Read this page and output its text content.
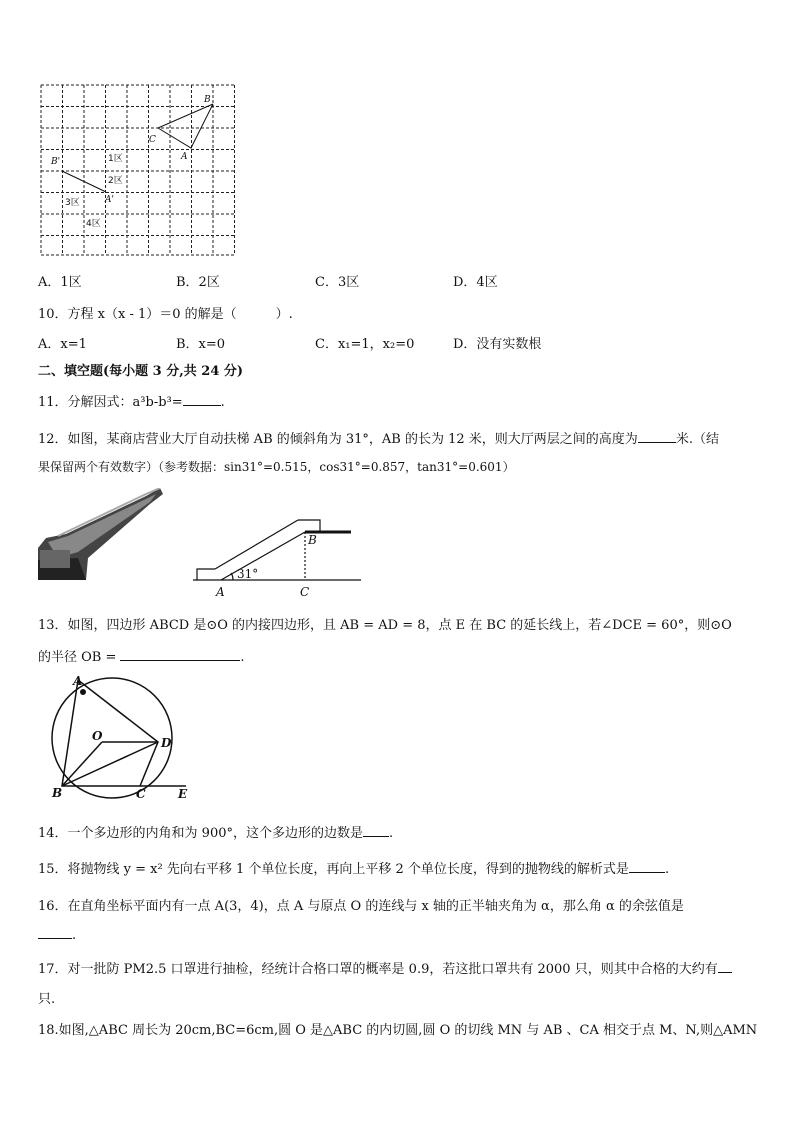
B
C
A
B'
A'
1区
2区
3区
4区
A．1区	B．2区	C．3区	D．4区
10．方程 x（x - 1）＝0 的解是（　　　）.
A．x=1	B．x=0	C．x₁=1，x₂=0	D．没有实数根
二、填空题(每小题 3 分,共 24 分)
11．分解因式：a³b-b³=	.
12．如图，某商店营业大厅自动扶梯 AB 的倾斜角为 31°，AB 的长为 12 米，则大厅两层之间的高度为	米.（结
果保留两个有效数字）（参考数据：sin31°=0.515，cos31°=0.857，tan31°=0.601）
31°
A
B
C
13．如图，四边形 ABCD 是⊙O 的内接四边形，且 AB = AD = 8，点 E 在 BC 的延长线上，若∠DCE = 60°，则⊙O
的半径 OB =	.
A
O	D
B	C	E
14．一个多边形的内角和为 900°，这个多边形的边数是 .
15．将抛物线 y = x² 先向右平移 1 个单位长度，再向上平移 2 个单位长度，得到的抛物线的解析式是	.
16．在直角坐标平面内有一点 A(3，4)，点 A 与原点 O 的连线与 x 轴的正半轴夹角为 α，那么角 α 的余弦值是
.
17．对一批防 PM2.5 口罩进行抽检，经统计合格口罩的概率是 0.9，若这批口罩共有 2000 只，则其中合格的大约有
只.
18.如图,△ABC 周长为 20cm,BC=6cm,圆 O 是△ABC 的内切圆,圆 O 的切线 MN 与 AB 、CA 相交于点 M、N,则△AMN
